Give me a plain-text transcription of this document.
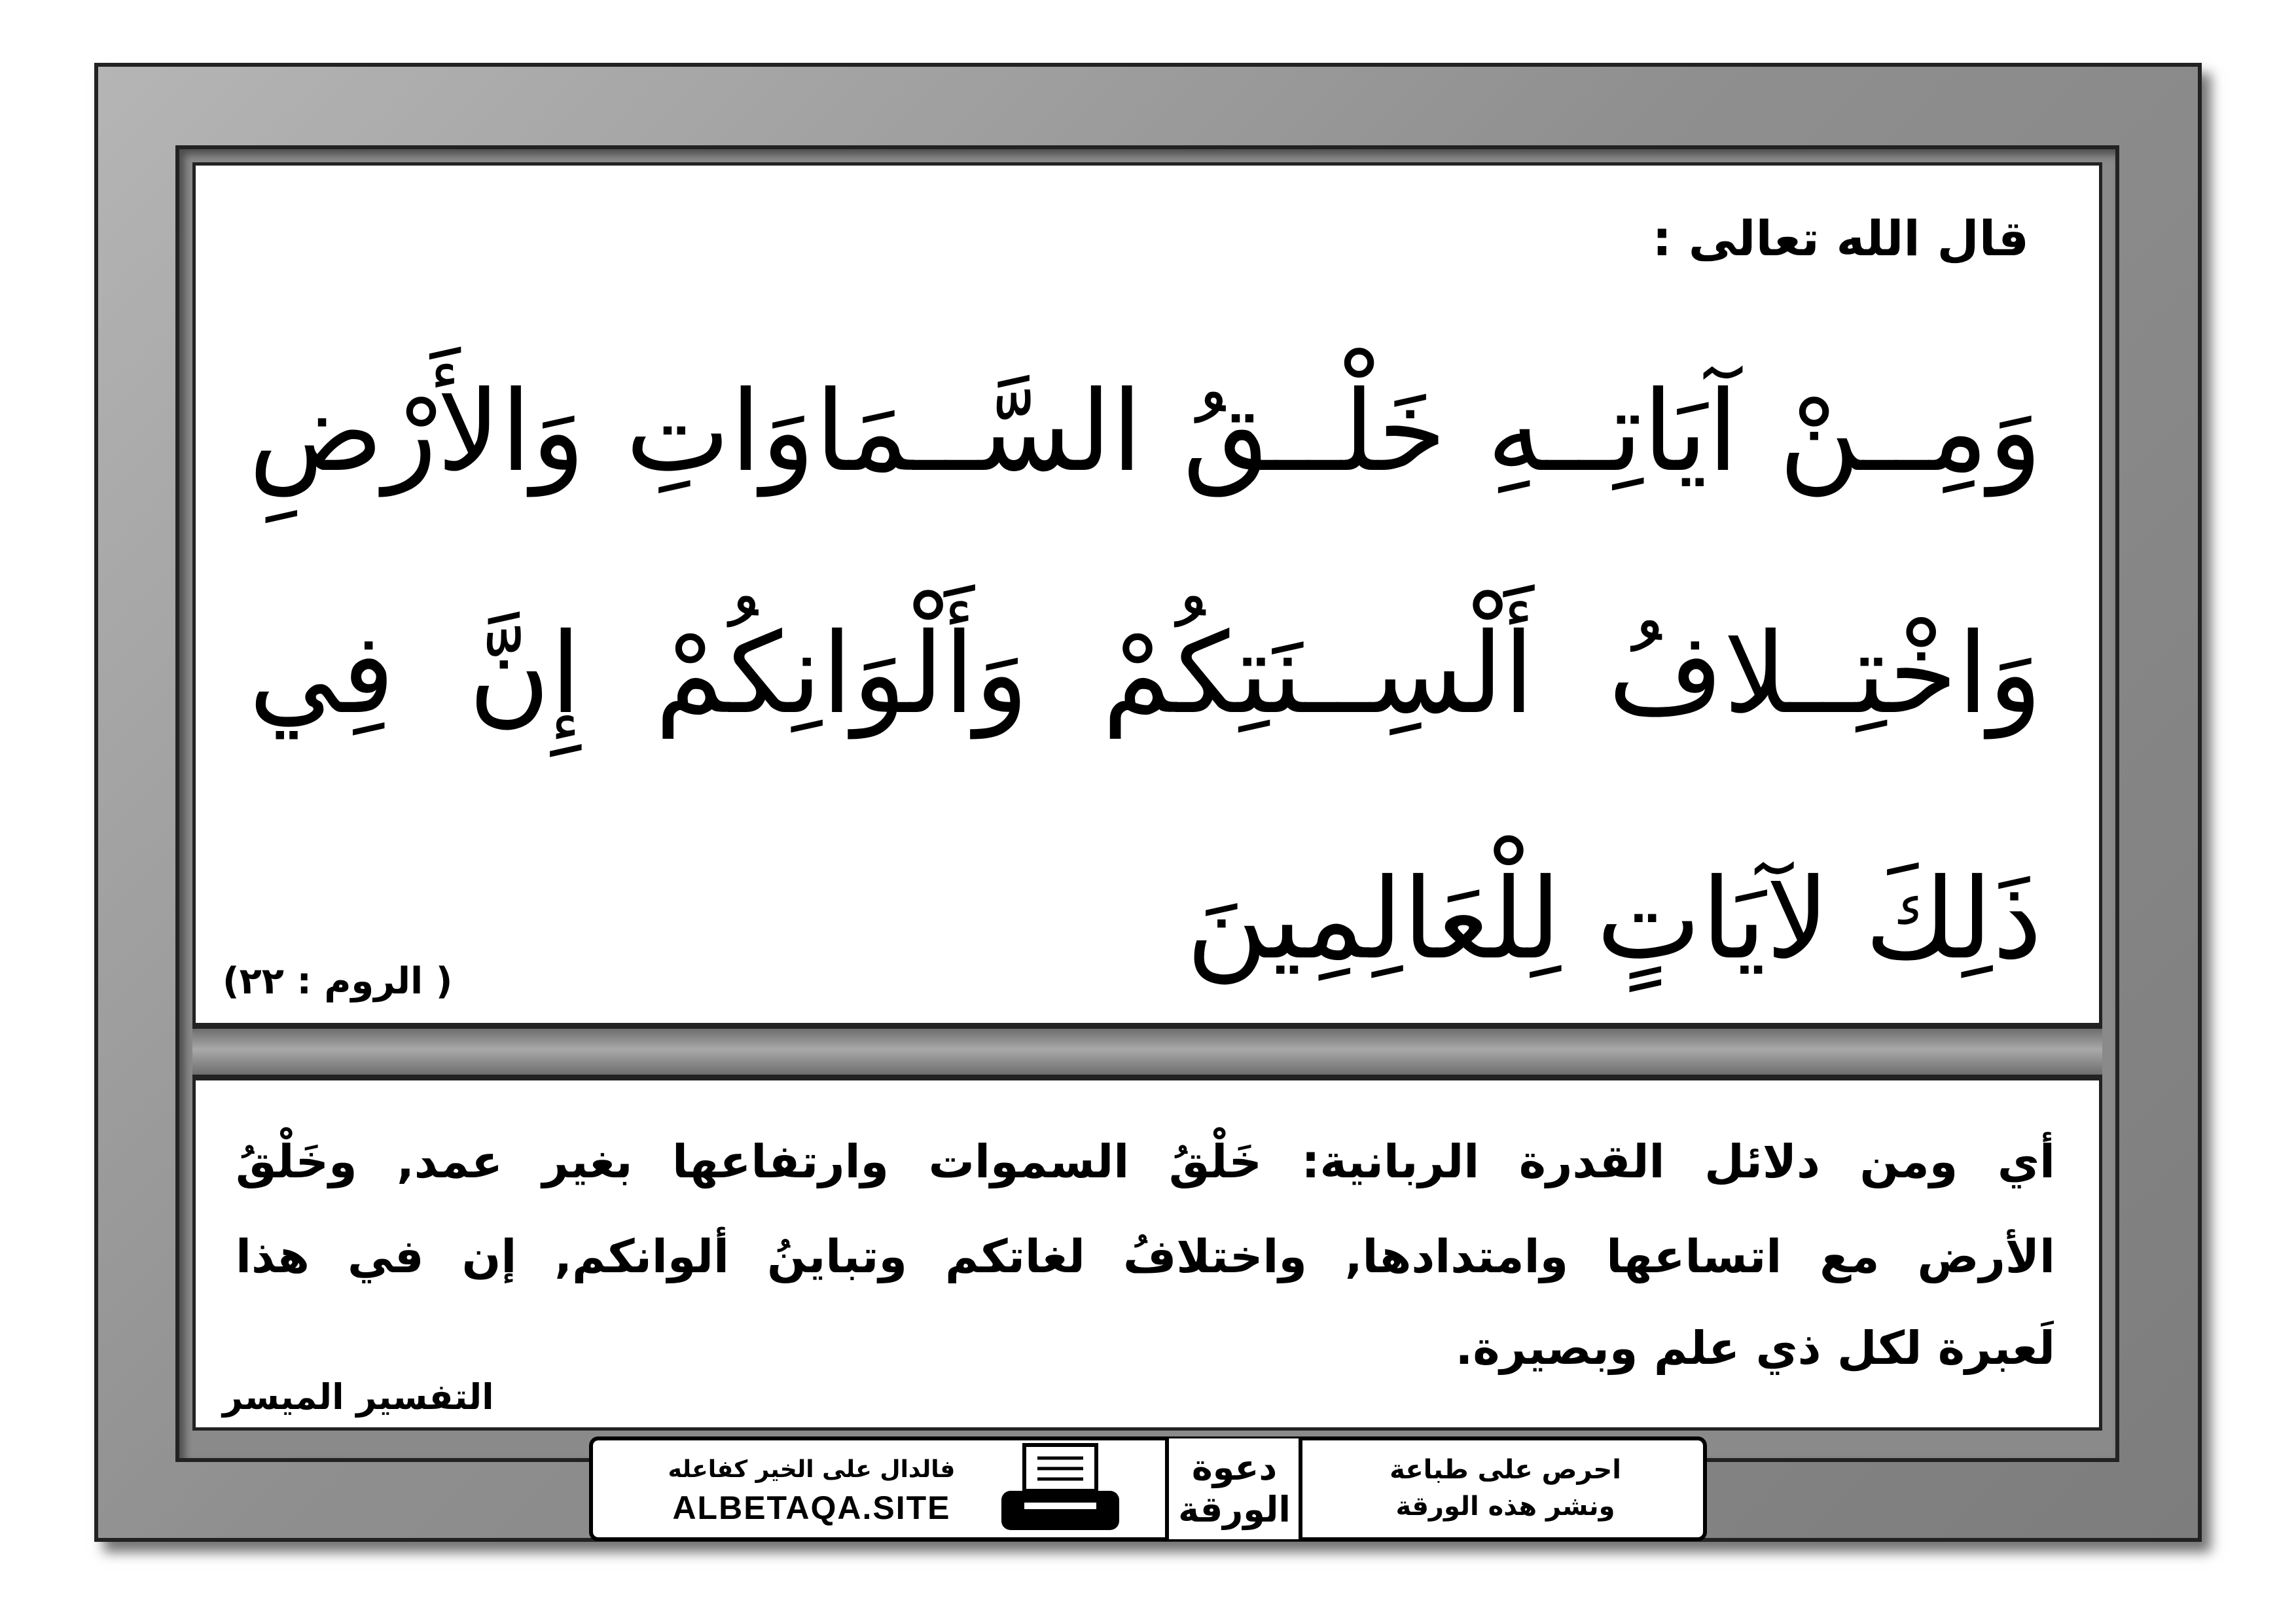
قال الله تعالى :
وَمِــنْ آيَاتِــهِ خَلْــقُ السَّــمَاوَاتِ وَالأَرْضِ
وَاخْتِــلافُ أَلْسِــنَتِكُمْ وَأَلْوَانِكُمْ إِنَّ فِي
ذَلِكَ لآيَاتٍ لِلْعَالِمِينَ
( الروم : ٢٢)
أي ومن دلائل القدرة الربانية: خَلْقُ السموات وارتفاعها بغير عمد, وخَلْقُ
الأرض مع اتساعها وامتدادها, واختلافُ لغاتكم وتباينُ ألوانكم, إن في هذا
لَعبرة لكل ذي علم وبصيرة.
التفسير الميسر
احرص على طباعة
ونشر هذه الورقة
دعوة
الورقة
فالدال على الخير كفاعله
ALBETAQA.SITE
